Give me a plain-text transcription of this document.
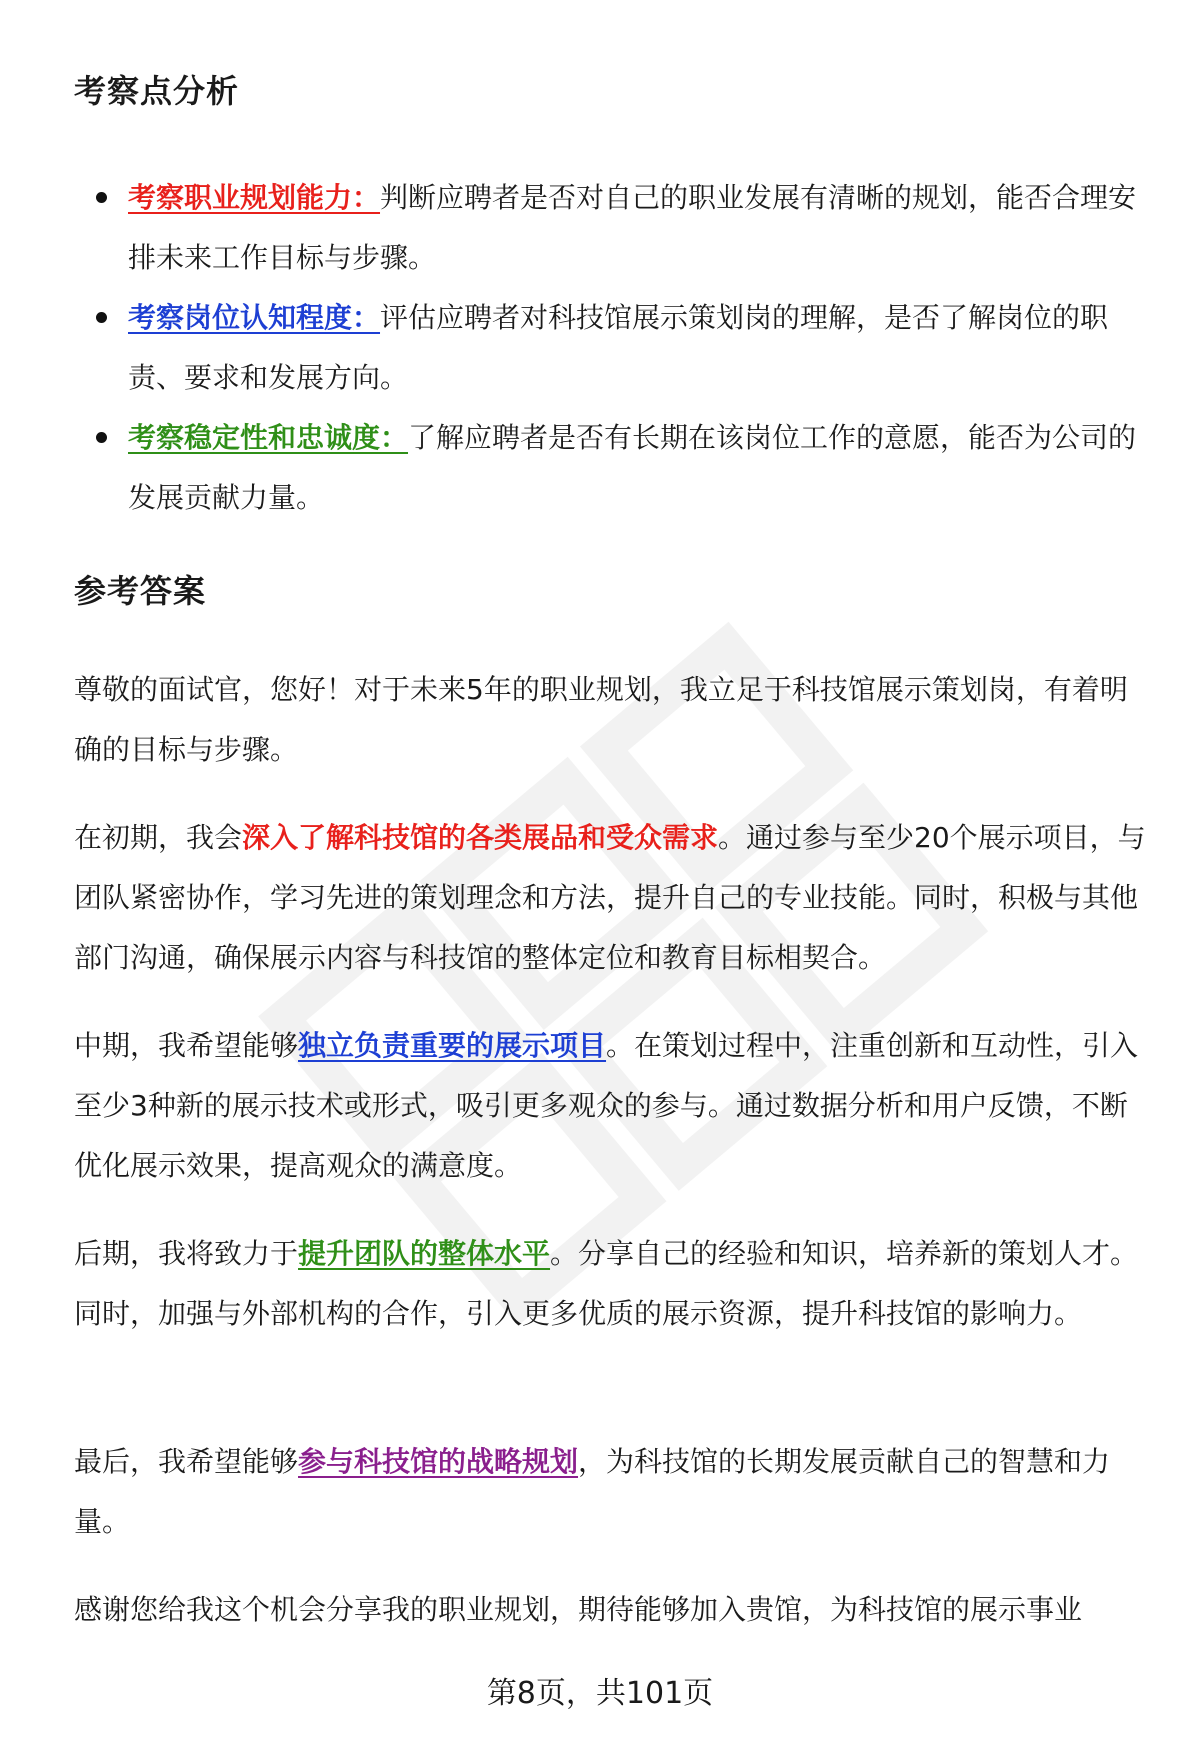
考察点分析
考察职业规划能力：判断应聘者是否对自己的职业发展有清晰的规划，能否合理安排未来工作目标与步骤。
考察岗位认知程度：评估应聘者对科技馆展示策划岗的理解，是否了解岗位的职责、要求和发展方向。
考察稳定性和忠诚度：了解应聘者是否有长期在该岗位工作的意愿，能否为公司的发展贡献力量。
参考答案

尊敬的面试官，您好！对于未来5年的职业规划，我立足于科技馆展示策划岗，有着明确的目标与步骤。

在初期，我会深入了解科技馆的各类展品和受众需求。通过参与至少20个展示项目，与团队紧密协作，学习先进的策划理念和方法，提升自己的专业技能。同时，积极与其他部门沟通，确保展示内容与科技馆的整体定位和教育目标相契合。

中期，我希望能够独立负责重要的展示项目。在策划过程中，注重创新和互动性，引入至少3种新的展示技术或形式，吸引更多观众的参与。通过数据分析和用户反馈，不断优化展示效果，提高观众的满意度。

后期，我将致力于提升团队的整体水平。分享自己的经验和知识，培养新的策划人才。同时，加强与外部机构的合作，引入更多优质的展示资源，提升科技馆的影响力。

最后，我希望能够参与科技馆的战略规划，为科技馆的长期发展贡献自己的智慧和力量。

感谢您给我这个机会分享我的职业规划，期待能够加入贵馆，为科技馆的展示事业

第8页，共101页
